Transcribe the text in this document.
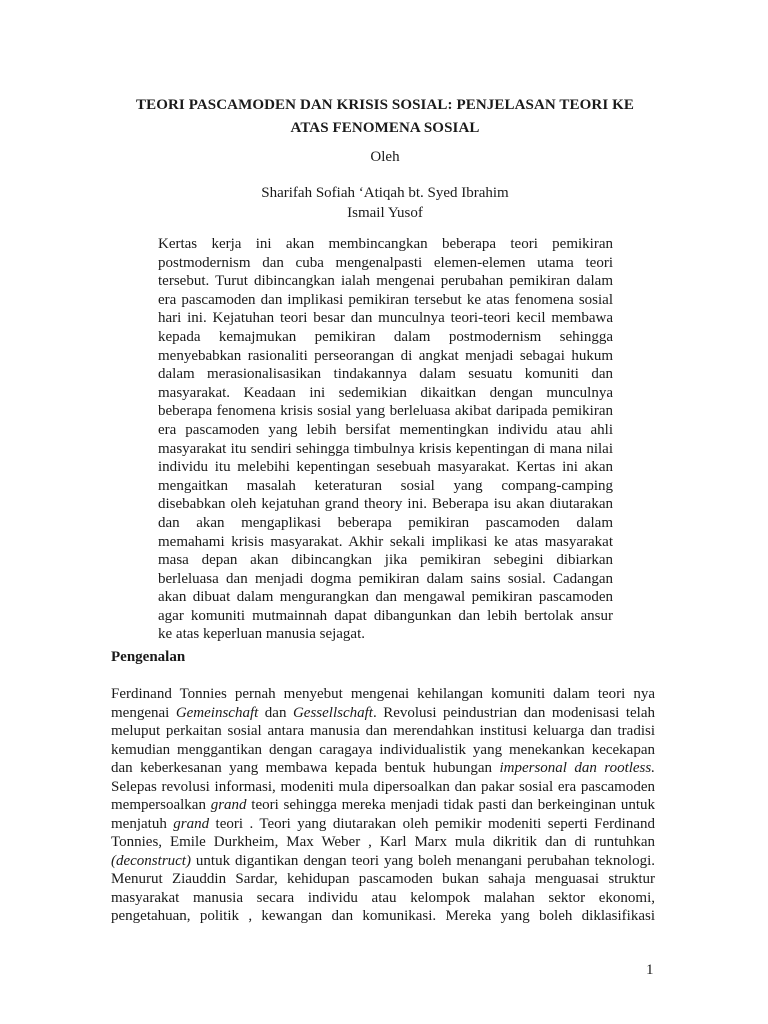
TEORI PASCAMODEN DAN KRISIS SOSIAL: PENJELASAN TEORI KE
ATAS FENOMENA SOSIAL
Oleh
Sharifah Sofiah ‘Atiqah bt. Syed Ibrahim
Ismail Yusof
Kertas kerja ini akan membincangkan beberapa teori pemikiran
postmodernism dan cuba mengenalpasti elemen-elemen utama teori
tersebut. Turut dibincangkan ialah mengenai perubahan pemikiran dalam
era pascamoden dan implikasi pemikiran tersebut ke atas fenomena sosial
hari ini. Kejatuhan teori besar dan munculnya teori-teori kecil membawa
kepada kemajmukan pemikiran dalam postmodernism sehingga
menyebabkan rasionaliti perseorangan di angkat menjadi sebagai hukum
dalam merasionalisasikan tindakannya dalam sesuatu komuniti dan
masyarakat. Keadaan ini sedemikian dikaitkan dengan munculnya
beberapa fenomena krisis sosial yang berleluasa akibat daripada pemikiran
era pascamoden yang lebih bersifat mementingkan individu atau ahli
masyarakat itu sendiri sehingga timbulnya krisis kepentingan di mana nilai
individu itu melebihi kepentingan sesebuah masyarakat. Kertas ini akan
mengaitkan masalah keteraturan sosial yang compang-camping
disebabkan oleh kejatuhan grand theory ini. Beberapa isu akan diutarakan
dan akan mengaplikasi beberapa pemikiran pascamoden dalam
memahami krisis masyarakat. Akhir sekali implikasi ke atas masyarakat
masa depan akan dibincangkan jika pemikiran sebegini dibiarkan
berleluasa dan menjadi dogma pemikiran dalam sains sosial. Cadangan
akan dibuat dalam mengurangkan dan mengawal pemikiran pascamoden
agar komuniti mutmainnah dapat dibangunkan dan lebih bertolak ansur
ke atas keperluan manusia sejagat.
Pengenalan
Ferdinand Tonnies pernah menyebut mengenai kehilangan komuniti dalam teori nya
mengenai Gemeinschaft dan Gessellschaft. Revolusi peindustrian dan modenisasi telah
meluput perkaitan sosial antara manusia dan merendahkan institusi keluarga dan tradisi
kemudian menggantikan dengan caragaya individualistik yang menekankan kecekapan
dan keberkesanan yang membawa kepada bentuk hubungan impersonal dan rootless.
Selepas revolusi informasi, modeniti mula dipersoalkan dan pakar sosial era pascamoden
mempersoalkan grand teori sehingga mereka menjadi tidak pasti dan berkeinginan untuk
menjatuh grand teori . Teori yang diutarakan oleh pemikir modeniti seperti Ferdinand
Tonnies, Emile Durkheim, Max Weber , Karl Marx mula dikritik dan di runtuhkan
(deconstruct) untuk digantikan dengan teori yang boleh menangani perubahan teknologi.
Menurut Ziauddin Sardar, kehidupan pascamoden bukan sahaja menguasai struktur
masyarakat manusia secara individu atau kelompok malahan sektor ekonomi,
pengetahuan, politik , kewangan dan komunikasi. Mereka yang boleh diklasifikasi
1
